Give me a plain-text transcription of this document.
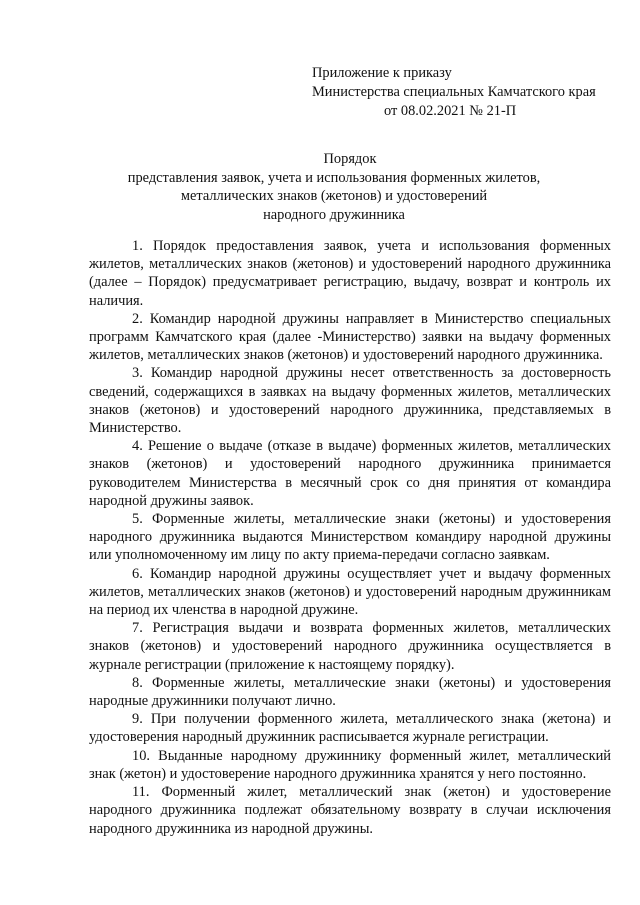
Приложение к приказу
Министерства специальных Камчатского края
от 08.02.2021 № 21-П
Порядок
представления заявок, учета и использования форменных жилетов,
металлических знаков (жетонов) и удостоверений
народного дружинника

1. Порядок предоставления заявок, учета и использования форменных жилетов, металлических знаков (жетонов) и удостоверений народного дружинника (далее – Порядок) предусматривает регистрацию, выдачу, возврат и контроль их наличия.

2. Командир народной дружины направляет в Министерство специальных программ Камчатского края (далее -Министерство) заявки на выдачу форменных жилетов, металлических знаков (жетонов) и удостоверений народного дружинника.

3. Командир народной дружины несет ответственность за достоверность сведений, содержащихся в заявках на выдачу форменных жилетов, металлических знаков (жетонов) и удостоверений народного дружинника, представляемых в Министерство.

4. Решение о выдаче (отказе в выдаче) форменных жилетов, металлических знаков (жетонов) и удостоверений народного дружинника принимается руководителем Министерства в месячный срок со дня принятия от командира народной дружины заявок.

5. Форменные жилеты, металлические знаки (жетоны) и удостоверения народного дружинника выдаются Министерством командиру народной дружины или уполномоченному им лицу по акту приема-передачи согласно заявкам.

6. Командир народной дружины осуществляет учет и выдачу форменных жилетов, металлических знаков (жетонов) и удостоверений народным дружинникам на период их членства в народной дружине.

7. Регистрация выдачи и возврата форменных жилетов, металлических знаков (жетонов) и удостоверений народного дружинника осуществляется в журнале регистрации (приложение к настоящему порядку).

8. Форменные жилеты, металлические знаки (жетоны) и удостоверения народные дружинники получают лично.

9. При получении форменного жилета, металлического знака (жетона) и удостоверения народный дружинник расписывается журнале регистрации.

10. Выданные народному дружиннику форменный жилет, металлический знак (жетон) и удостоверение народного дружинника хранятся у него постоянно.

11. Форменный жилет, металлический знак (жетон) и удостоверение народного дружинника подлежат обязательному возврату в случаи исключения народного дружинника из народной дружины.
